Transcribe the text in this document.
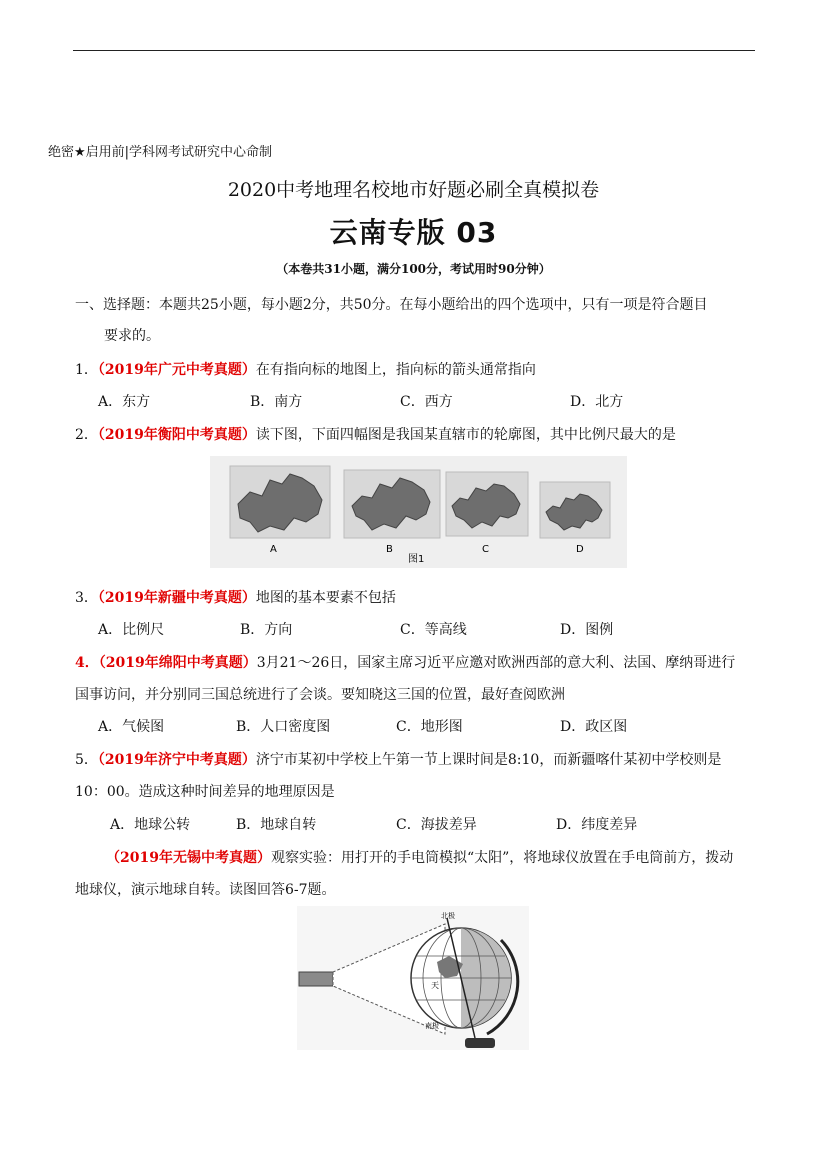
绝密★启用前|学科网考试研究中心命制
2020中考地理名校地市好题必刷全真模拟卷
云南专版 03
（本卷共31小题，满分100分，考试用时90分钟）
一、选择题：本题共25小题，每小题2分，共50分。在每小题给出的四个选项中，只有一项是符合题目
要求的。
1．（2019年广元中考真题）在有指向标的地图上，指向标的箭头通常指向
A．东方	B．南方	C．西方	D．北方
2．（2019年衡阳中考真题）读下图，下面四幅图是我国某直辖市的轮廓图，其中比例尺最大的是
A	B	C	D
图1
3．（2019年新疆中考真题）地图的基本要素不包括
A．比例尺	B．方向	C．等高线	D．图例
4．（2019年绵阳中考真题）3月21～26日，国家主席习近平应邀对欧洲西部的意大利、法国、摩纳哥进行
国事访问，并分别同三国总统进行了会谈。要知晓这三国的位置，最好查阅欧洲
A．气候图	B．人口密度图	C．地形图	D．政区图
5．（2019年济宁中考真题）济宁市某初中学校上午第一节上课时间是8:10，而新疆喀什某初中学校则是
10：00。造成这种时间差异的地理原因是
A．地球公转	B．地球自转	C．海拔差异	D．纬度差异
（2019年无锡中考真题）观察实验：用打开的手电筒模拟“太阳”，将地球仪放置在手电筒前方，拨动
地球仪，演示地球自转。读图回答6-7题。
北极
南极
天
